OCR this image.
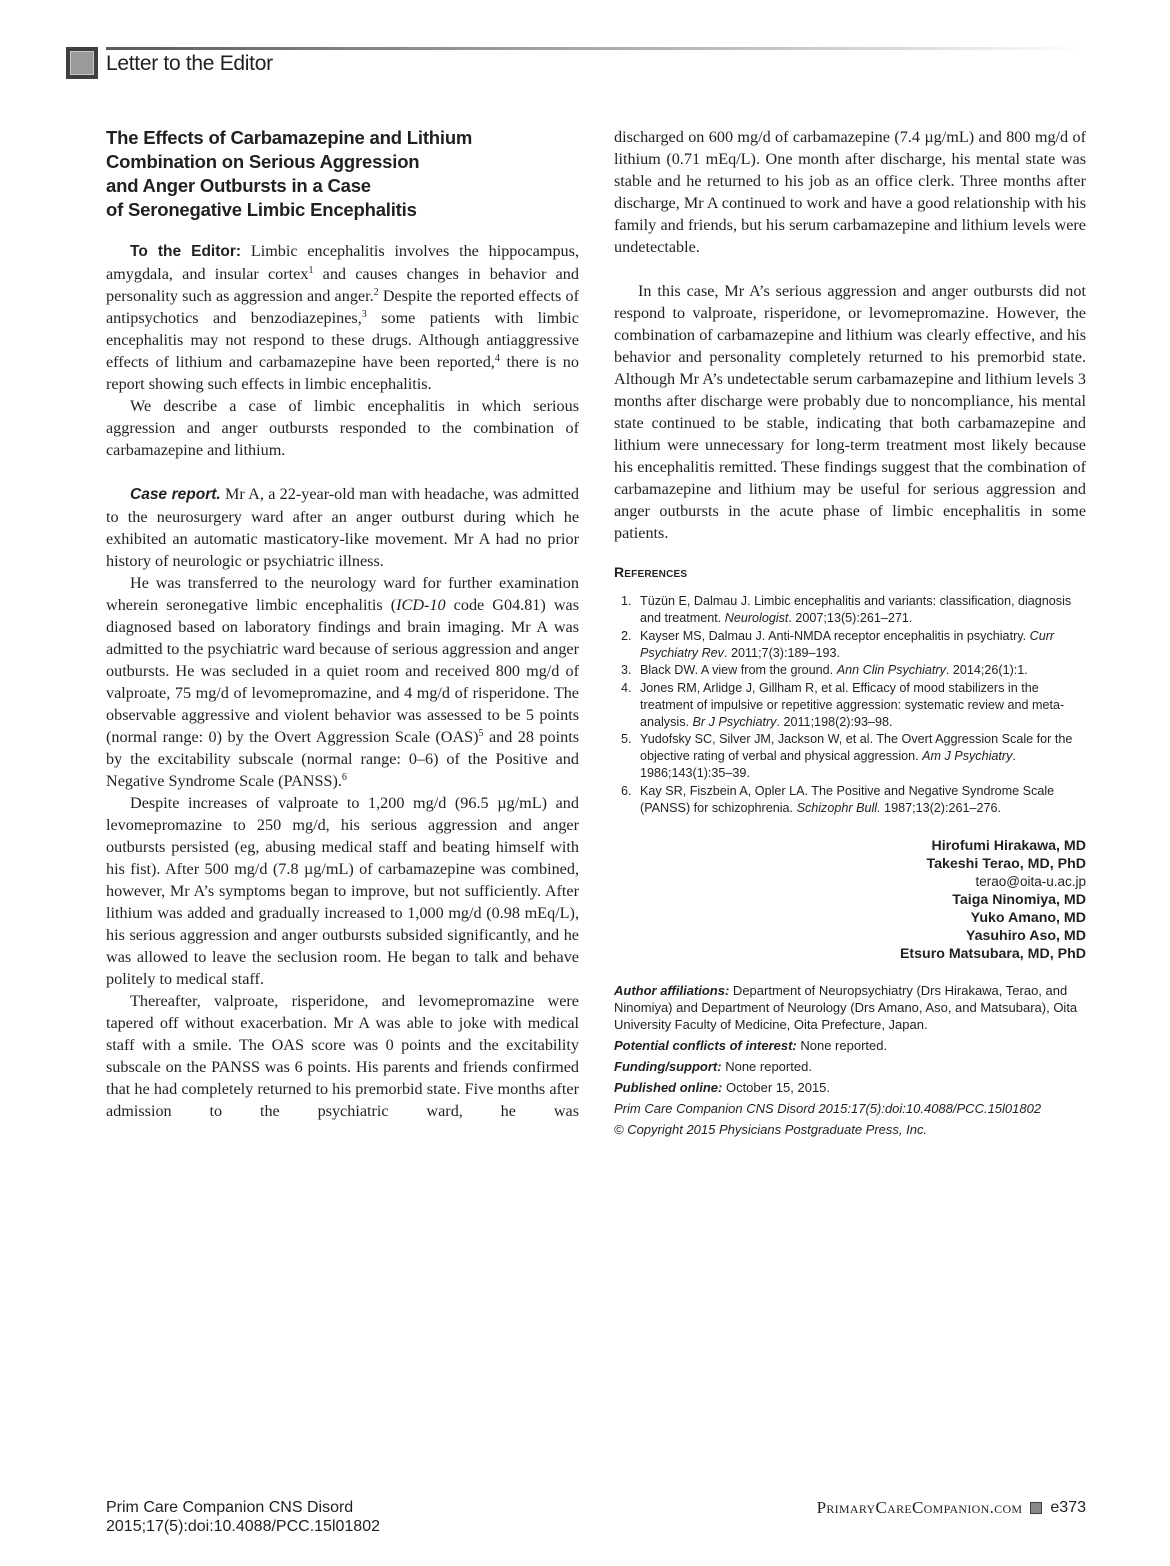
Letter to the Editor
The Effects of Carbamazepine and Lithium
Combination on Serious Aggression
and Anger Outbursts in a Case
of Seronegative Limbic Encephalitis

To the Editor: Limbic encephalitis involves the hippocampus, amygdala, and insular cortex$^1$ and causes changes in behavior and personality such as aggression and anger.$^2$ Despite the reported effects of antipsychotics and benzodiazepines,$^3$ some patients with limbic encephalitis may not respond to these drugs. Although antiaggressive effects of lithium and carbamazepine have been reported,$^4$ there is no report showing such effects in limbic encephalitis.

We describe a case of limbic encephalitis in which serious aggression and anger outbursts responded to the combination of carbamazepine and lithium.

Case report. Mr A, a 22-year-old man with headache, was admitted to the neurosurgery ward after an anger outburst during which he exhibited an automatic masticatory-like movement. Mr A had no prior history of neurologic or psychiatric illness.

He was transferred to the neurology ward for further examination wherein seronegative limbic encephalitis (ICD-10 code G04.81) was diagnosed based on laboratory findings and brain imaging. Mr A was admitted to the psychiatric ward because of serious aggression and anger outbursts. He was secluded in a quiet room and received 800 mg/d of valproate, 75 mg/d of levomepromazine, and 4 mg/d of risperidone. The observable aggressive and violent behavior was assessed to be 5 points (normal range: 0) by the Overt Aggression Scale (OAS)$^5$ and 28 points by the excitability subscale (normal range: 0–6) of the Positive and Negative Syndrome Scale (PANSS).$^6$

Despite increases of valproate to 1,200 mg/d (96.5 µg/mL) and levomepromazine to 250 mg/d, his serious aggression and anger outbursts persisted (eg, abusing medical staff and beating himself with his fist). After 500 mg/d (7.8 µg/mL) of carbamazepine was combined, however, Mr A’s symptoms began to improve, but not sufficiently. After lithium was added and gradually increased to 1,000 mg/d (0.98 mEq/L), his serious aggression and anger outbursts subsided significantly, and he was allowed to leave the seclusion room. He began to talk and behave politely to medical staff.

Thereafter, valproate, risperidone, and levomepromazine were tapered off without exacerbation. Mr A was able to joke with medical staff with a smile. The OAS score was 0 points and the excitability subscale on the PANSS was 6 points. His parents and friends confirmed that he had completely returned to his premorbid state. Five months after admission to the psychiatric ward, he was

discharged on 600 mg/d of carbamazepine (7.4 µg/mL) and 800 mg/d of lithium (0.71 mEq/L). One month after discharge, his mental state was stable and he returned to his job as an office clerk. Three months after discharge, Mr A continued to work and have a good relationship with his family and friends, but his serum carbamazepine and lithium levels were undetectable.

In this case, Mr A’s serious aggression and anger outbursts did not respond to valproate, risperidone, or levomepromazine. However, the combination of carbamazepine and lithium was clearly effective, and his behavior and personality completely returned to his premorbid state. Although Mr A’s undetectable serum carbamazepine and lithium levels 3 months after discharge were probably due to noncompliance, his mental state continued to be stable, indicating that both carbamazepine and lithium were unnecessary for long-term treatment most likely because his encephalitis remitted. These findings suggest that the combination of carbamazepine and lithium may be useful for serious aggression and anger outbursts in the acute phase of limbic encephalitis in some patients.

References
1. Tüzün E, Dalmau J. Limbic encephalitis and variants: classification, diagnosis and treatment. Neurologist. 2007;13(5):261–271.
2. Kayser MS, Dalmau J. Anti-NMDA receptor encephalitis in psychiatry. Curr Psychiatry Rev. 2011;7(3):189–193.
3. Black DW. A view from the ground. Ann Clin Psychiatry. 2014;26(1):1.
4. Jones RM, Arlidge J, Gillham R, et al. Efficacy of mood stabilizers in the treatment of impulsive or repetitive aggression: systematic review and meta-analysis. Br J Psychiatry. 2011;198(2):93–98.
5. Yudofsky SC, Silver JM, Jackson W, et al. The Overt Aggression Scale for the objective rating of verbal and physical aggression. Am J Psychiatry. 1986;143(1):35–39.
6. Kay SR, Fiszbein A, Opler LA. The Positive and Negative Syndrome Scale (PANSS) for schizophrenia. Schizophr Bull. 1987;13(2):261–276.
Hirofumi Hirakawa, MD
Takeshi Terao, MD, PhD
terao@oita-u.ac.jp
Taiga Ninomiya, MD
Yuko Amano, MD
Yasuhiro Aso, MD
Etsuro Matsubara, MD, PhD
Author affiliations: Department of Neuropsychiatry (Drs Hirakawa, Terao, and Ninomiya) and Department of Neurology (Drs Amano, Aso, and Matsubara), Oita University Faculty of Medicine, Oita Prefecture, Japan.
Potential conflicts of interest: None reported.
Funding/support: None reported.
Published online: October 15, 2015.
Prim Care Companion CNS Disord 2015:17(5):doi:10.4088/PCC.15l01802
© Copyright 2015 Physicians Postgraduate Press, Inc.
Prim Care Companion CNS Disord
2015;17(5):doi:10.4088/PCC.15l01802
PrimaryCareCompanion.com e373
